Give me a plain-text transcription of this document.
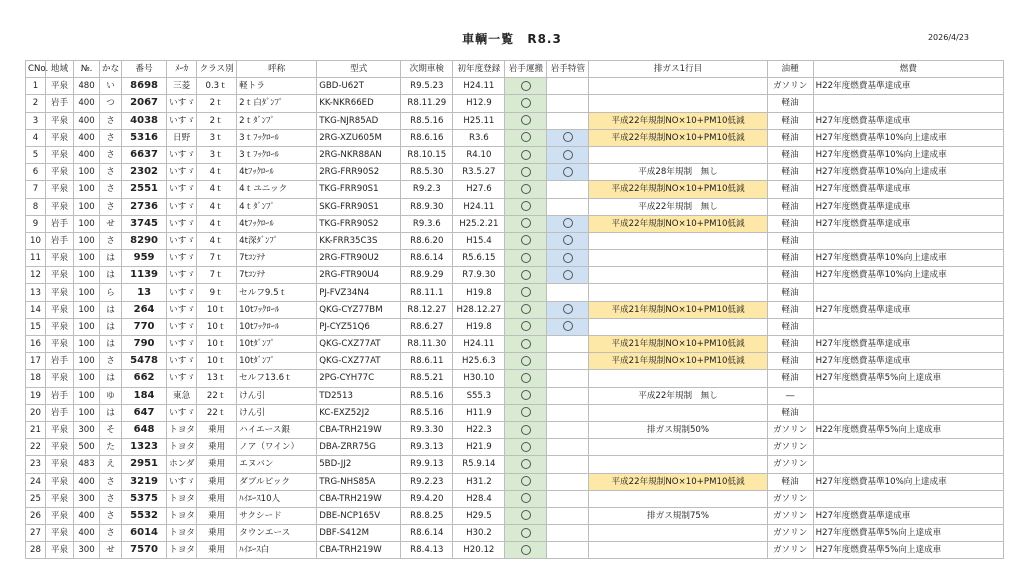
車輌一覧 R8.3	2026/4/23
CNo.	地域	№.	かな	番号	ﾒｰｶ	クラス別	呼称	型式	次期車検	初年度登録	岩手運搬	岩手特管	排ガス1行目	油種	燃費
1	平泉	480	い	8698	三菱	0.3ｔ	軽トラ	GBD-U62T	R9.5.23	H24.11				ガソリン	H22年度燃費基準達成車
2	岩手	400	つ	2067	いすゞ	2ｔ	2ｔ白ﾀﾞﾝﾌﾟ	KK-NKR66ED	R8.11.29	H12.9				軽油	
3	平泉	400	さ	4038	いすゞ	2ｔ	2ｔﾀﾞﾝﾌﾟ	TKG-NJR85AD	R8.5.16	H25.11			平成22年規制NO×10+PM10低減	軽油	H27年度燃費基準達成車
4	平泉	400	さ	5316	日野	3ｔ	3ｔﾌｯｸﾛｰﾙ	2RG-XZU605M	R8.6.16	R3.6			平成22年規制NO×10+PM10低減	軽油	H27年度燃費基準10%向上達成車
5	平泉	400	さ	6637	いすゞ	3ｔ	3ｔﾌｯｸﾛｰﾙ	2RG-NKR88AN	R8.10.15	R4.10				軽油	H27年度燃費基準10%向上達成車
6	平泉	100	さ	2302	いすゞ	4ｔ	4tﾌｯｸﾛｰﾙ	2RG-FRR90S2	R8.5.30	R3.5.27			平成28年規制　無し	軽油	H27年度燃費基準10%向上達成車
7	平泉	100	さ	2551	いすゞ	4ｔ	4ｔユニック	TKG-FRR90S1	R9.2.3	H27.6			平成22年規制NO×10+PM10低減	軽油	H27年度燃費基準達成車
8	平泉	100	さ	2736	いすゞ	4ｔ	4ｔﾀﾞﾝﾌﾟ	SKG-FRR90S1	R8.9.30	H24.11			平成22年規制　無し	軽油	H27年度燃費基準達成車
9	岩手	100	せ	3745	いすゞ	4ｔ	4tﾌｯｸﾛｰﾙ	TKG-FRR90S2	R9.3.6	H25.2.21			平成22年規制NO×10+PM10低減	軽油	H27年度燃費基準達成車
10	岩手	100	さ	8290	いすゞ	4ｔ	4t深ﾀﾞﾝﾌﾟ	KK-FRR35C3S	R8.6.20	H15.4				軽油	
11	平泉	100	は	959	いすゞ	7ｔ	7tｺﾝﾃﾅ	2RG-FTR90U2	R8.6.14	R5.6.15				軽油	H27年度燃費基準10%向上達成車
12	平泉	100	は	1139	いすゞ	7ｔ	7tｺﾝﾃﾅ	2RG-FTR90U4	R8.9.29	R7.9.30				軽油	H27年度燃費基準10%向上達成車
13	平泉	100	ら	13	いすゞ	9ｔ	セルフ9.5ｔ	PJ-FVZ34N4	R8.11.1	H19.8				軽油	
14	平泉	100	は	264	いすゞ	10ｔ	10tﾌｯｸﾛｰﾙ	QKG-CYZ77BM	R8.12.27	H28.12.27			平成21年規制NO×10+PM10低減	軽油	H27年度燃費基準達成車
15	平泉	100	は	770	いすゞ	10ｔ	10tﾌｯｸﾛｰﾙ	PJ-CYZ51Q6	R8.6.27	H19.8				軽油	
16	平泉	100	は	790	いすゞ	10ｔ	10tﾀﾞﾝﾌﾟ	QKG-CXZ77AT	R8.11.30	H24.11			平成21年規制NO×10+PM10低減	軽油	H27年度燃費基準達成車
17	岩手	100	さ	5478	いすゞ	10ｔ	10tﾀﾞﾝﾌﾟ	QKG-CXZ77AT	R8.6.11	H25.6.3			平成21年規制NO×10+PM10低減	軽油	H27年度燃費基準達成車
18	平泉	100	は	662	いすゞ	13ｔ	セルフ13.6ｔ	2PG-CYH77C	R8.5.21	H30.10				軽油	H27年度燃費基準5%向上達成車
19	岩手	100	ゆ	184	東急	22ｔ	けん引	TD2513	R8.5.16	S55.3			平成22年規制　無し	―	
20	岩手	100	は	647	いすゞ	22ｔ	けん引	KC-EXZ52J2	R8.5.16	H11.9				軽油	
21	平泉	300	そ	648	トヨタ	乗用	ハイエース銀	CBA-TRH219W	R9.3.30	H22.3			排ガス規制50%	ガソリン	H22年度燃費基準5%向上達成車
22	平泉	500	た	1323	トヨタ	乗用	ノア（ワイン）	DBA-ZRR75G	R9.3.13	H21.9				ガソリン	
23	平泉	483	え	2951	ホンダ	乗用	エヌバン	5BD-JJ2	R9.9.13	R5.9.14				ガソリン	
24	平泉	400	さ	3219	いすゞ	乗用	ダブルピック	TRG-NHS85A	R9.2.23	H31.2			平成22年規制NO×10+PM10低減	軽油	H27年度燃費基準10%向上達成車
25	平泉	300	さ	5375	トヨタ	乗用	ﾊｲｴｰｽ10人	CBA-TRH219W	R9.4.20	H28.4				ガソリン	
26	平泉	400	さ	5532	トヨタ	乗用	サクシード	DBE-NCP165V	R8.8.25	H29.5			排ガス規制75%	ガソリン	H27年度燃費基準達成車
27	平泉	400	さ	6014	トヨタ	乗用	タウンエース	DBF-S412M	R8.6.14	H30.2				ガソリン	H27年度燃費基準5%向上達成車
28	平泉	300	せ	7570	トヨタ	乗用	ﾊｲｴｰｽ白	CBA-TRH219W	R8.4.13	H20.12				ガソリン	H27年度燃費基準5%向上達成車
